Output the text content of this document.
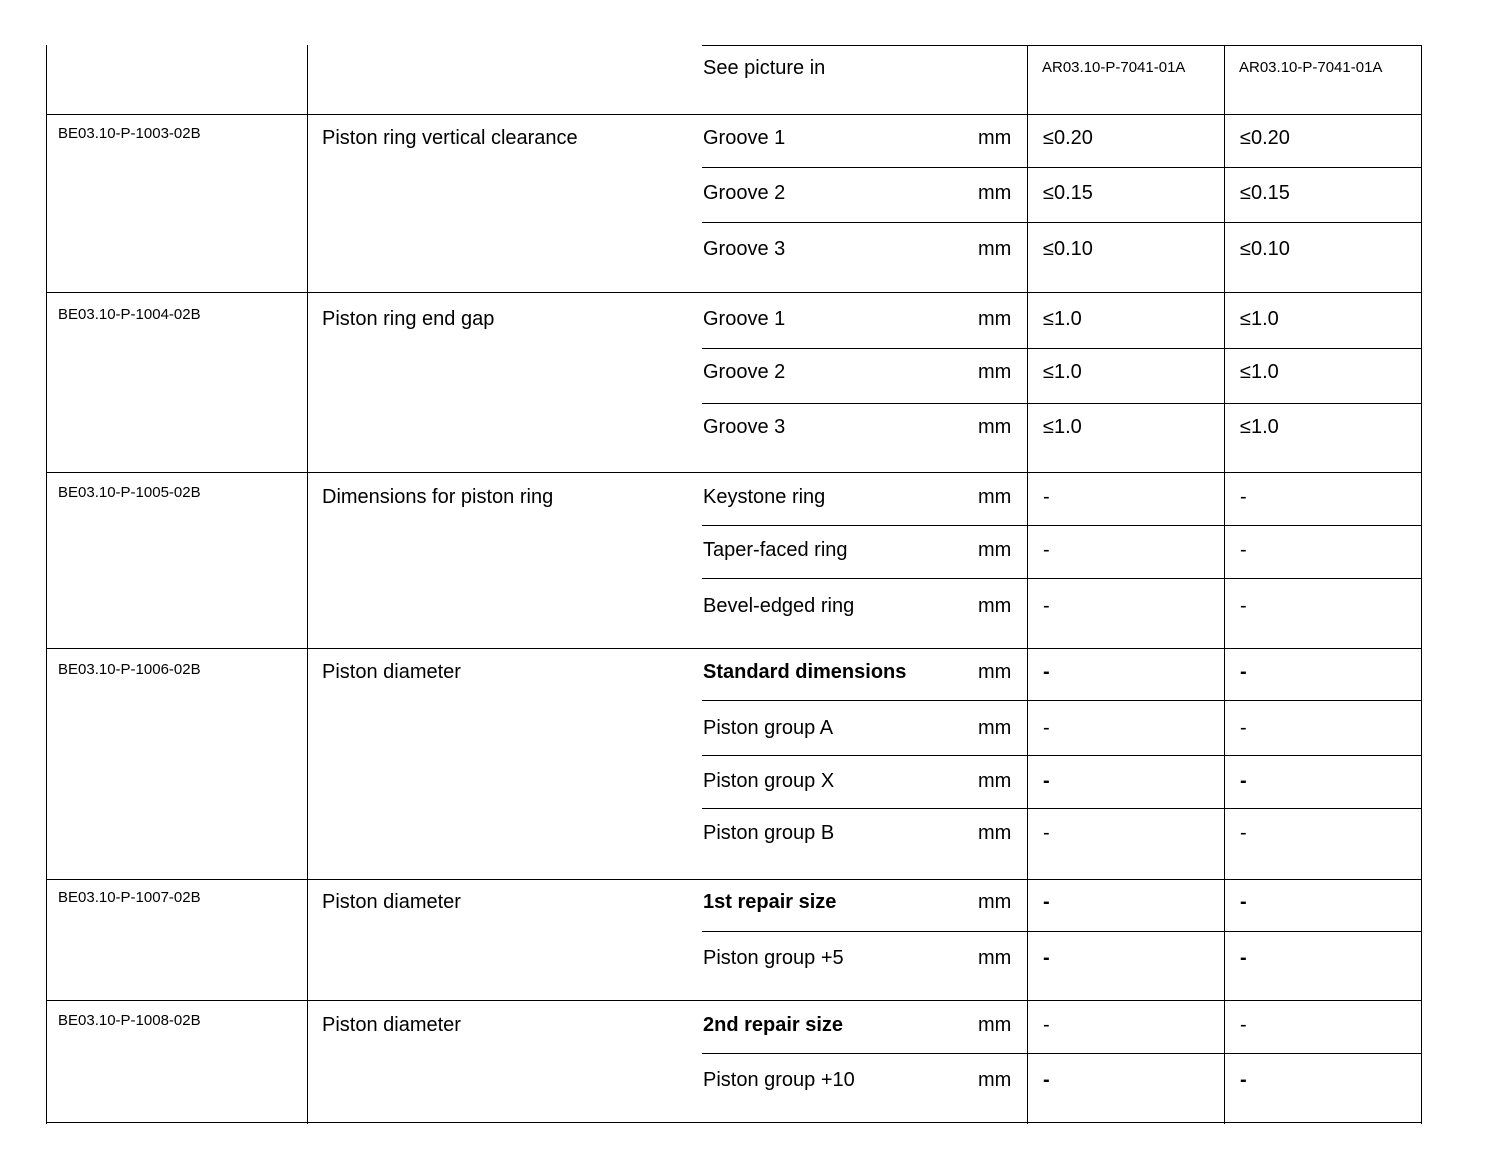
See picture in	AR03.10-P-7041-01A	AR03.10-P-7041-01A
BE03.10-P-1003-02B	Piston ring vertical clearance	Groove 1	mm ≤0.20	≤0.20
Groove 2	mm ≤0.15	≤0.15
Groove 3	mm ≤0.10	≤0.10
BE03.10-P-1004-02B	Piston ring end gap	Groove 1	mm ≤1.0	≤1.0
Groove 2	mm ≤1.0	≤1.0
Groove 3	mm ≤1.0	≤1.0
BE03.10-P-1005-02B	Dimensions for piston ring	Keystone ring	mm -	-
Taper-faced ring	mm -	-
Bevel-edged ring	mm -	-
BE03.10-P-1006-02B	Piston diameter	Standard dimensions	mm -	-
Piston group A	mm -	-
Piston group X	mm -	-
Piston group B	mm -	-
BE03.10-P-1007-02B	Piston diameter	1st repair size	mm -	-
Piston group +5	mm -	-
BE03.10-P-1008-02B	Piston diameter	2nd repair size	mm -	-
Piston group +10	mm -	-
